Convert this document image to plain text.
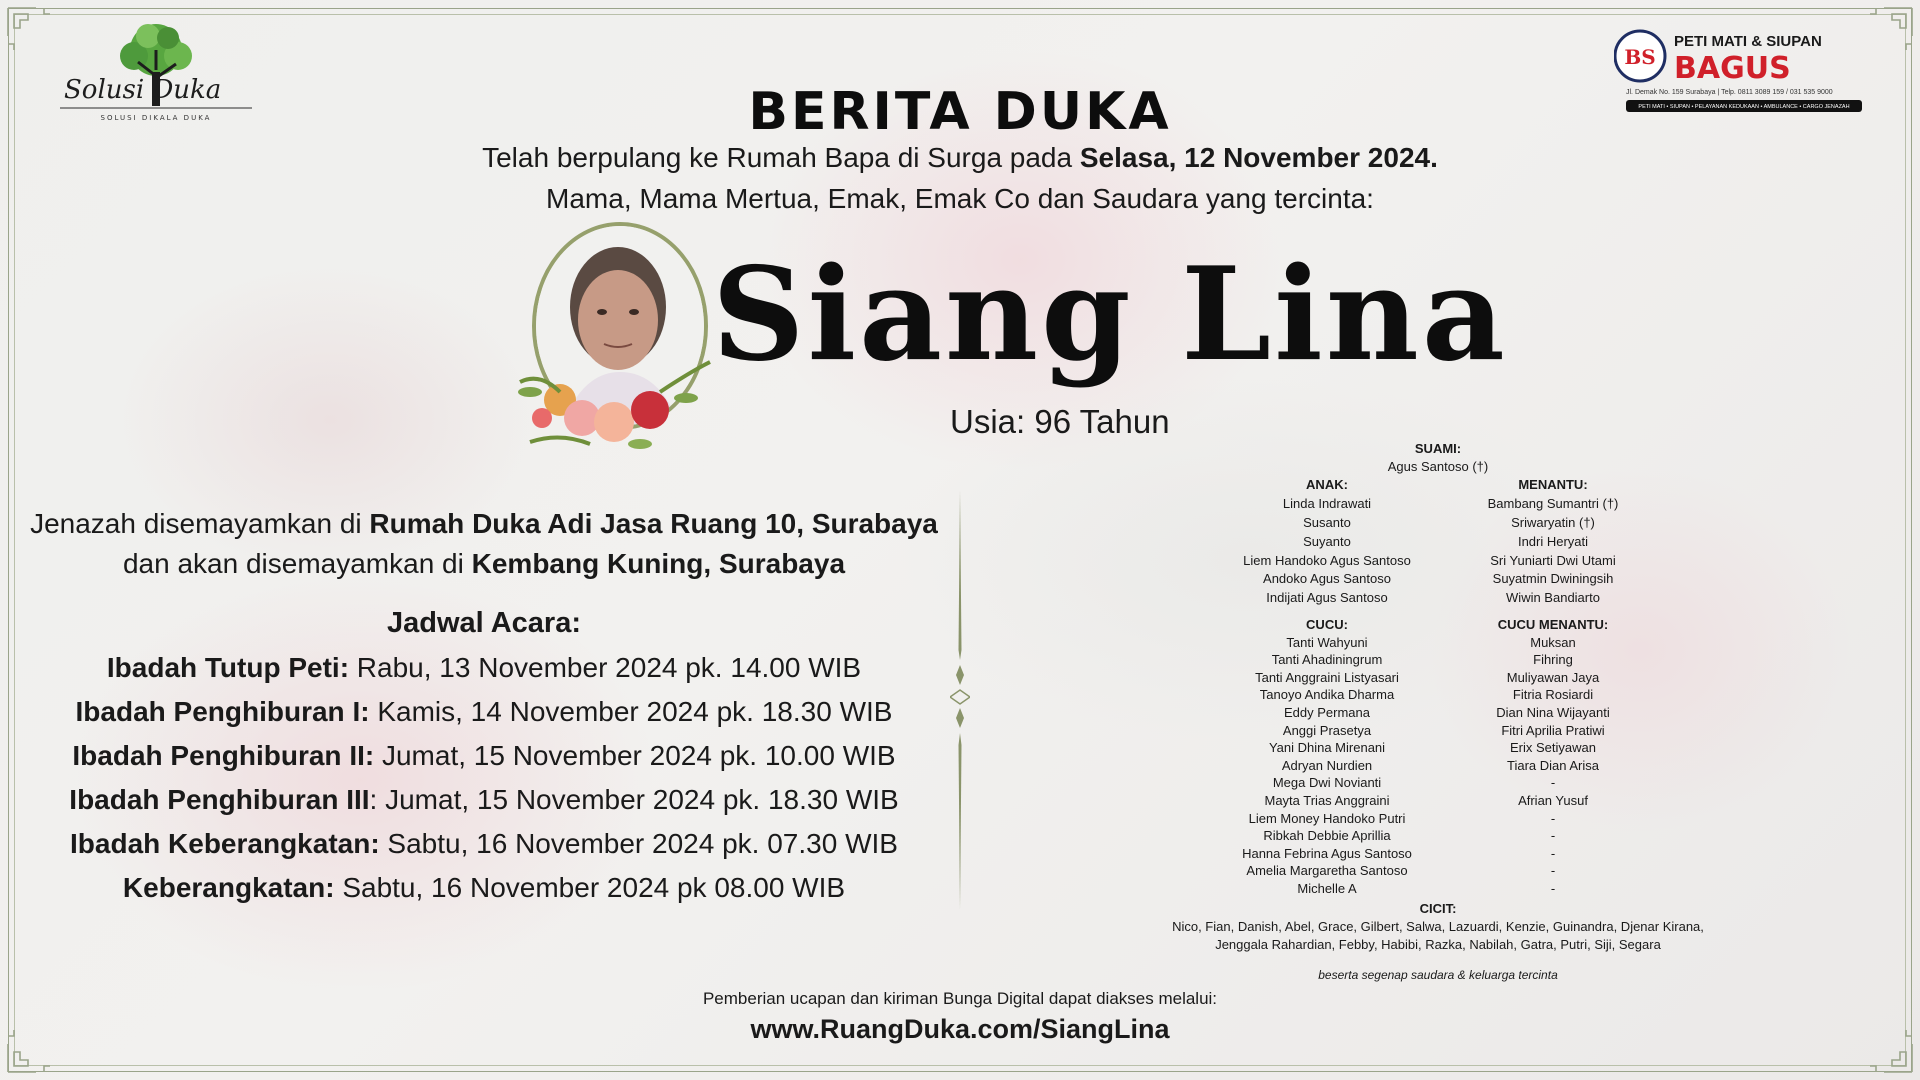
Solusi Duka
SOLUSI DIKALA DUKA
BS
PETI MATI & SIUPAN
BAGUS
Jl. Demak No. 159 Surabaya | Telp. 0811 3089 159 / 031 535 9000
PETI MATI • SIUPAN • PELAYANAN KEDUKAAN • AMBULANCE • CARGO JENAZAH
BERITA DUKA
Telah berpulang ke Rumah Bapa di Surga pada Selasa, 12 November 2024.
Mama, Mama Mertua, Emak, Emak Co dan Saudara yang tercinta:
Siang Lina
Usia: 96 Tahun
Jenazah disemayamkan di Rumah Duka Adi Jasa Ruang 10, Surabaya
dan akan disemayamkan di Kembang Kuning, Surabaya
Jadwal Acara:
Ibadah Tutup Peti: Rabu, 13 November 2024 pk. 14.00 WIB
Ibadah Penghiburan I: Kamis, 14 November 2024 pk. 18.30 WIB
Ibadah Penghiburan II: Jumat, 15 November 2024 pk. 10.00 WIB
Ibadah Penghiburan III: Jumat, 15 November 2024 pk. 18.30 WIB
Ibadah Keberangkatan: Sabtu, 16 November 2024 pk. 07.30 WIB
Keberangkatan: Sabtu, 16 November 2024 pk 08.00 WIB
SUAMI:
Agus Santoso (†)
ANAK:
Linda Indrawati
Susanto
Suyanto
Liem Handoko Agus Santoso
Andoko Agus Santoso
Indijati Agus Santoso
MENANTU:
Bambang Sumantri (†)
Sriwaryatin (†)
Indri Heryati
Sri Yuniarti Dwi Utami
Suyatmin Dwiningsih
Wiwin Bandiarto
CUCU:
Tanti Wahyuni
Tanti Ahadiningrum
Tanti Anggraini Listyasari
Tanoyo Andika Dharma
Eddy Permana
Anggi Prasetya
Yani Dhina Mirenani
Adryan Nurdien
Mega Dwi Novianti
Mayta Trias Anggraini
Liem Money Handoko Putri
Ribkah Debbie Aprillia
Hanna Febrina Agus Santoso
Amelia Margaretha Santoso
Michelle A
CUCU MENANTU:
Muksan
Fihring
Muliyawan Jaya
Fitria Rosiardi
Dian Nina Wijayanti
Fitri Aprilia Pratiwi
Erix Setiyawan
Tiara Dian Arisa
-
Afrian Yusuf
-
-
-
-
-
CICIT:
Nico, Fian, Danish, Abel, Grace, Gilbert, Salwa, Lazuardi, Kenzie, Guinandra, Djenar Kirana,
Jenggala Rahardian, Febby, Habibi, Razka, Nabilah, Gatra, Putri, Siji, Segara
beserta segenap saudara & keluarga tercinta
Pemberian ucapan dan kiriman Bunga Digital dapat diakses melalui:
www.RuangDuka.com/SiangLina
